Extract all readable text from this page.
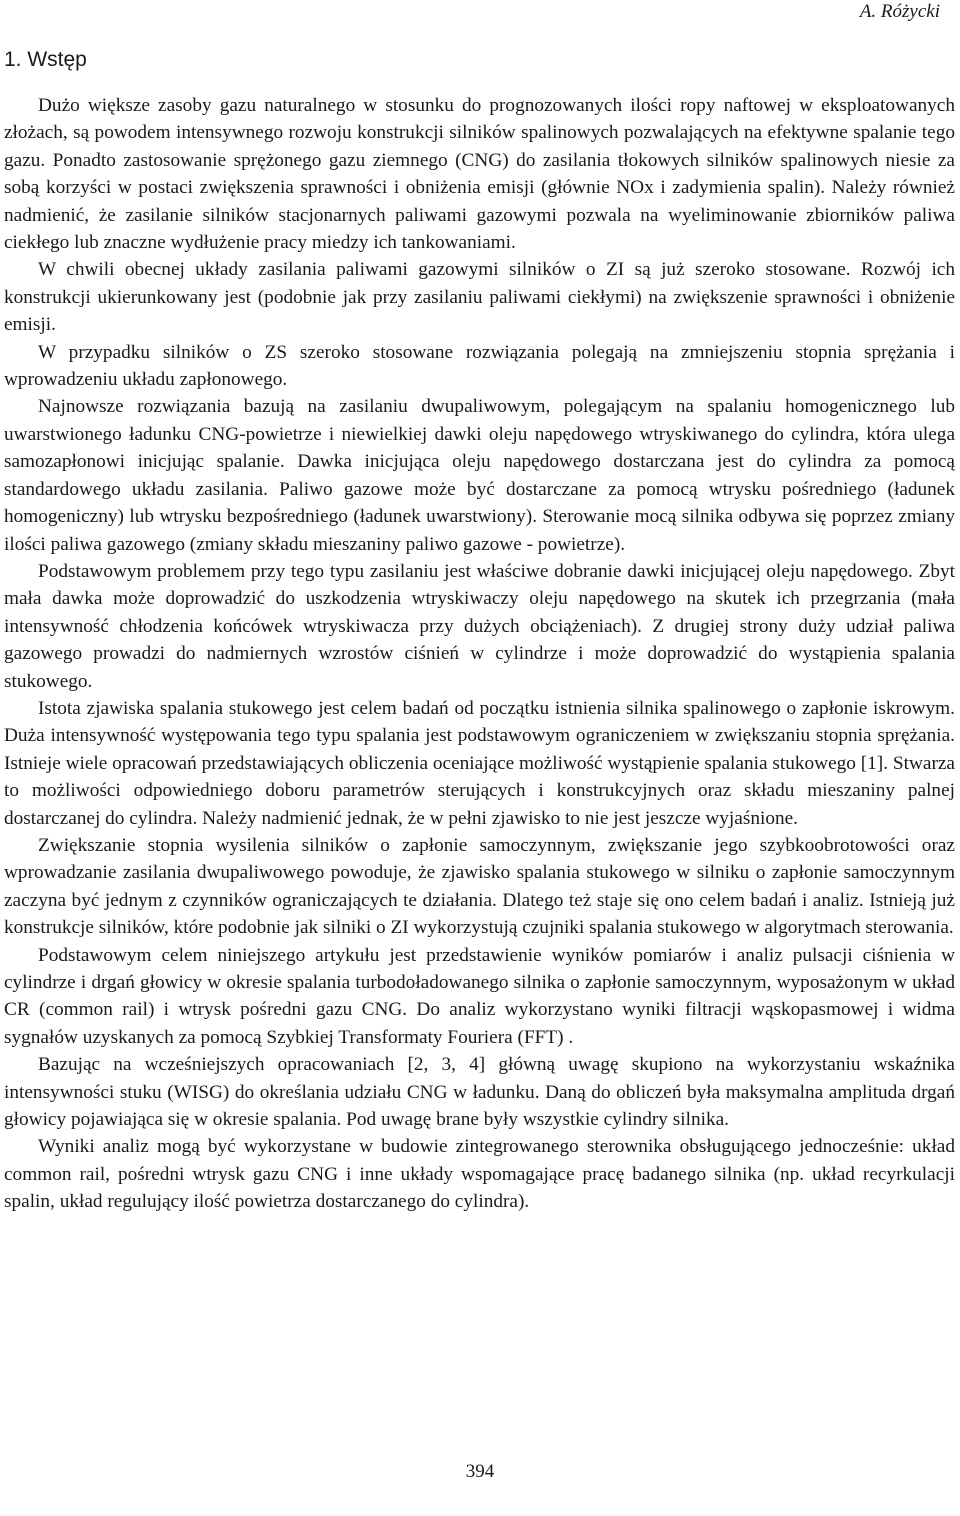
A. Różycki
1. Wstęp

Dużo większe zasoby gazu naturalnego w stosunku do prognozowanych ilości ropy naftowej w eksploatowanych złożach, są powodem intensywnego rozwoju konstrukcji silników spalinowych pozwalających na efektywne spalanie tego gazu. Ponadto zastosowanie sprężonego gazu ziemnego (CNG) do zasilania tłokowych silników spalinowych niesie za sobą korzyści w postaci zwiększenia sprawności i obniżenia emisji (głównie NOx i zadymienia spalin). Należy również nadmienić, że zasilanie silników stacjonarnych paliwami gazowymi pozwala na wyeliminowanie zbiorników paliwa ciekłego lub znaczne wydłużenie pracy miedzy ich tankowaniami.

W chwili obecnej układy zasilania paliwami gazowymi silników o ZI są już szeroko stosowane. Rozwój ich konstrukcji ukierunkowany jest (podobnie jak przy zasilaniu paliwami ciekłymi) na zwiększenie sprawności i obniżenie emisji.

W przypadku silników o ZS szeroko stosowane rozwiązania polegają na zmniejszeniu stopnia sprężania i wprowadzeniu układu zapłonowego.

Najnowsze rozwiązania bazują na zasilaniu dwupaliwowym, polegającym na spalaniu homogenicznego lub uwarstwionego ładunku CNG-powietrze i niewielkiej dawki oleju napędowego wtryskiwanego do cylindra, która ulega samozapłonowi inicjując spalanie. Dawka inicjująca oleju napędowego dostarczana jest do cylindra za pomocą standardowego układu zasilania. Paliwo gazowe może być dostarczane za pomocą wtrysku pośredniego (ładunek homogeniczny) lub wtrysku bezpośredniego (ładunek uwarstwiony). Sterowanie mocą silnika odbywa się poprzez zmiany ilości paliwa gazowego (zmiany składu mieszaniny paliwo gazowe - powietrze).

Podstawowym problemem przy tego typu zasilaniu jest właściwe dobranie dawki inicjującej oleju napędowego. Zbyt mała dawka może doprowadzić do uszkodzenia wtryskiwaczy oleju napędowego na skutek ich przegrzania (mała intensywność chłodzenia końcówek wtryskiwacza przy dużych obciążeniach). Z drugiej strony duży udział paliwa gazowego prowadzi do nadmiernych wzrostów ciśnień w cylindrze i może doprowadzić do wystąpienia spalania stukowego.

Istota zjawiska spalania stukowego jest celem badań od początku istnienia silnika spalinowego o zapłonie iskrowym. Duża intensywność występowania tego typu spalania jest podstawowym ograniczeniem w zwiększaniu stopnia sprężania. Istnieje wiele opracowań przedstawiających obliczenia oceniające możliwość wystąpienie spalania stukowego [1]. Stwarza to możliwości odpowiedniego doboru parametrów sterujących i konstrukcyjnych oraz składu mieszaniny palnej dostarczanej do cylindra. Należy nadmienić jednak, że w pełni zjawisko to nie jest jeszcze wyjaśnione.

Zwiększanie stopnia wysilenia silników o zapłonie samoczynnym, zwiększanie jego szybkoobrotowości oraz wprowadzanie zasilania dwupaliwowego powoduje, że zjawisko spalania stukowego w silniku o zapłonie samoczynnym zaczyna być jednym z czynników ograniczających te działania. Dlatego też staje się ono celem badań i analiz. Istnieją już konstrukcje silników, które podobnie jak silniki o ZI wykorzystują czujniki spalania stukowego w algorytmach sterowania.

Podstawowym celem niniejszego artykułu jest przedstawienie wyników pomiarów i analiz pulsacji ciśnienia w cylindrze i drgań głowicy w okresie spalania turbodoładowanego silnika o zapłonie samoczynnym, wyposażonym w układ CR (common rail) i wtrysk pośredni gazu CNG. Do analiz wykorzystano wyniki filtracji wąskopasmowej i widma sygnałów uzyskanych za pomocą Szybkiej Transformaty Fouriera (FFT) .

Bazując na wcześniejszych opracowaniach [2, 3, 4] główną uwagę skupiono na wykorzystaniu wskaźnika intensywności stuku (WISG) do określania udziału CNG w ładunku. Daną do obliczeń była maksymalna amplituda drgań głowicy pojawiająca się w okresie spalania. Pod uwagę brane były wszystkie cylindry silnika.

Wyniki analiz mogą być wykorzystane w budowie zintegrowanego sterownika obsługującego jednocześnie: układ common rail, pośredni wtrysk gazu CNG i inne układy wspomagające pracę badanego silnika (np. układ recyrkulacji spalin, układ regulujący ilość powietrza dostarczanego do cylindra).

394
